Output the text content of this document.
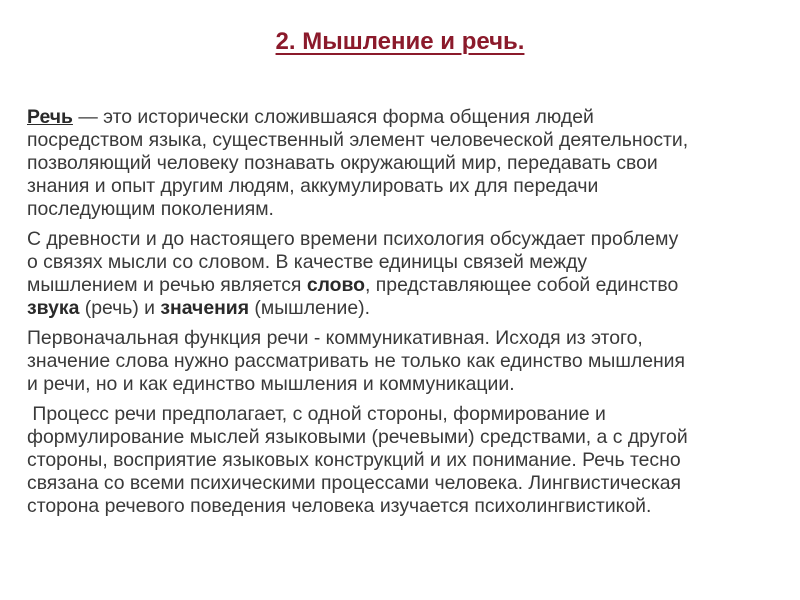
2. Мышление и речь.

Речь — это исторически сложившаяся форма общения людей
посредством языка, существенный элемент человеческой деятельности,
позволяющий человеку познавать окружающий мир, передавать свои
знания и опыт другим людям, аккумулировать их для передачи
последующим поколениям.

С древности и до настоящего времени психология обсуждает проблему
о связях мысли со словом. В качестве единицы связей между
мышлением и речью является слово, представляющее собой единство
звука (речь) и значения (мышление).

Первоначальная функция речи - коммуникативная. Исходя из этого,
значение слова нужно рассматривать не только как единство мышления
и речи, но и как единство мышления и коммуникации.

Процесс речи предполагает, с одной стороны, формирование и
формулирование мыслей языковыми (речевыми) средствами, а с другой
стороны, восприятие языковых конструкций и их понимание. Речь тесно
связана со всеми психическими процессами человека. Лингвистическая
сторона речевого поведения человека изучается психолингвистикой.
